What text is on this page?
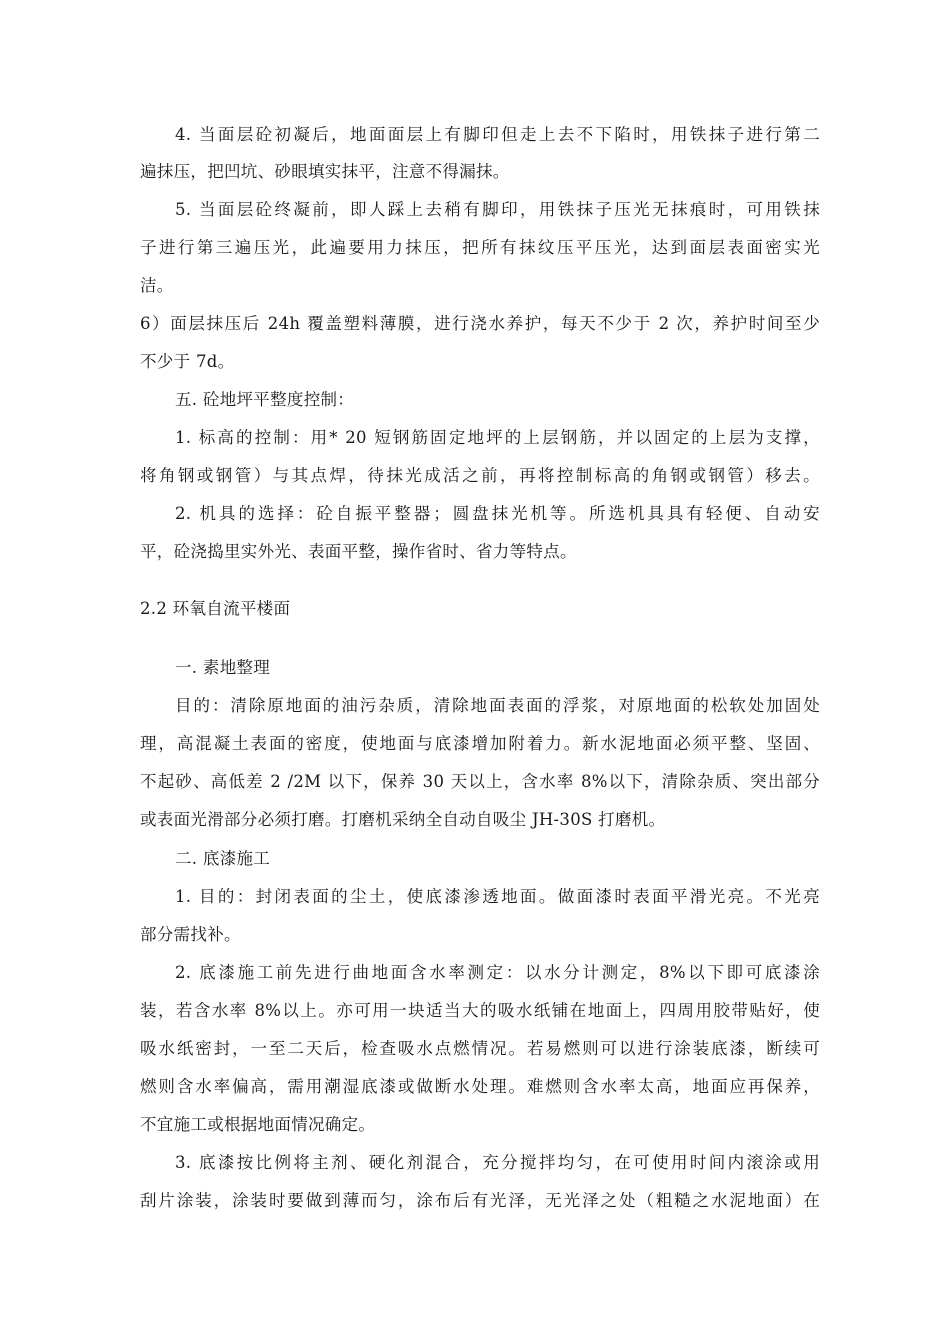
4. 当面层砼初凝后，地面面层上有脚印但走上去不下陷时，用铁抹子进行第二
遍抹压，把凹坑、砂眼填实抹平，注意不得漏抹。
5. 当面层砼终凝前，即人踩上去稍有脚印，用铁抹子压光无抹痕时，可用铁抹
子进行第三遍压光，此遍要用力抹压，把所有抹纹压平压光，达到面层表面密实光
洁。
6）面层抹压后 24h 覆盖塑料薄膜，进行浇水养护，每天不少于 2 次，养护时间至少
不少于 7d。
五. 砼地坪平整度控制：
1. 标高的控制：用* 20 短钢筋固定地坪的上层钢筋，并以固定的上层为支撑，
将角钢或钢管）与其点焊，待抹光成活之前，再将控制标高的角钢或钢管）移去。
2. 机具的选择：砼自振平整器；圆盘抹光机等。所选机具具有轻便、自动安
平，砼浇捣里实外光、表面平整，操作省时、省力等特点。
2.2 环氧自流平楼面
一. 素地整理
目的：清除原地面的油污杂质，清除地面表面的浮浆，对原地面的松软处加固处
理，高混凝土表面的密度，使地面与底漆增加附着力。新水泥地面必须平整、坚固、
不起砂、高低差 2 /2M 以下，保养 30 天以上，含水率 8%以下，清除杂质、突出部分
或表面光滑部分必须打磨。打磨机采纳全自动自吸尘 JH-30S 打磨机。
二. 底漆施工
1. 目的：封闭表面的尘土，使底漆渗透地面。做面漆时表面平滑光亮。不光亮
部分需找补。
2. 底漆施工前先进行曲地面含水率测定：以水分计测定，8%以下即可底漆涂
装，若含水率 8%以上。亦可用一块适当大的吸水纸铺在地面上，四周用胶带贴好，使
吸水纸密封，一至二天后，检查吸水点燃情况。若易燃则可以进行涂装底漆，断续可
燃则含水率偏高，需用潮湿底漆或做断水处理。难燃则含水率太高，地面应再保养，
不宜施工或根据地面情况确定。
3. 底漆按比例将主剂、硬化剂混合，充分搅拌均匀，在可使用时间内滚涂或用
刮片涂装，涂装时要做到薄而匀，涂布后有光泽，无光泽之处（粗糙之水泥地面）在
